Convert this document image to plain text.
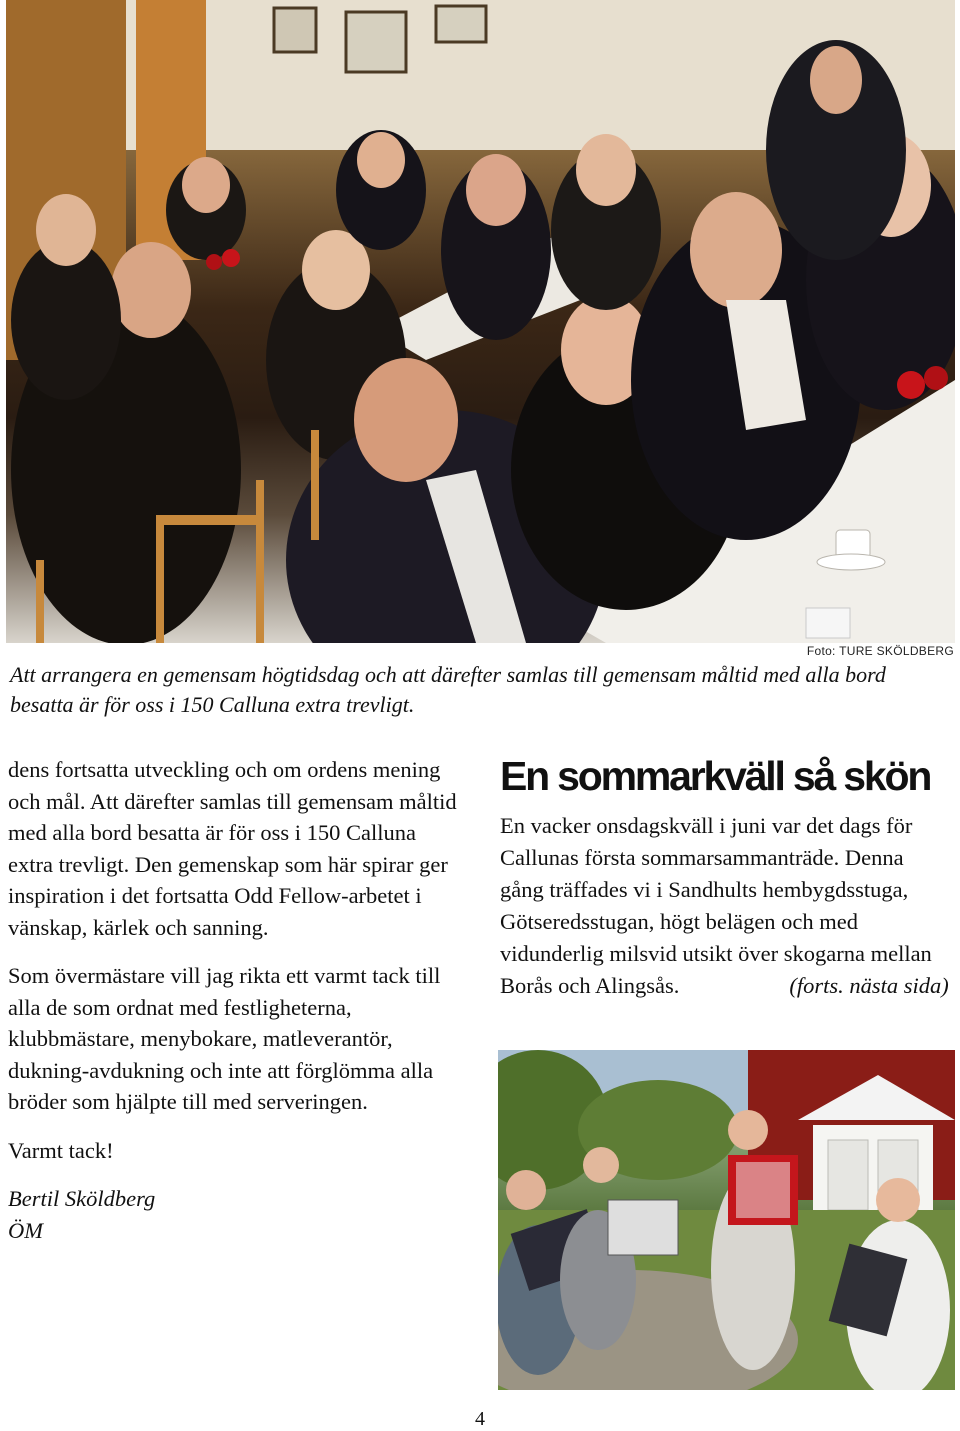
Foto: TURE SKÖLDBERG
Att arrangera en gemensam högtidsdag och att därefter samlas till gemensam måltid med alla bord besatta är för oss i 150 Calluna extra trevligt.

dens fortsatta utveckling och om ordens mening och mål. Att därefter samlas till gemensam måltid med alla bord besatta är för oss i 150 Calluna extra trevligt. Den gemenskap som här spirar ger inspiration i det fortsatta Odd Fellow-arbetet i vänskap, kärlek och sanning.

Som övermästare vill jag rikta ett varmt tack till alla de som ordnat med festligheterna, klubbmästare, menybokare, matleverantör, dukning-avdukning och inte att förglömma alla bröder som hjälpte till med serveringen.

Varmt tack!

Bertil Sköldberg

ÖM

En sommarkväll så skön

En vacker onsdagskväll i juni var det dags för Callunas första sommarsammanträde. Denna gång träffades vi i Sandhults hembygdsstuga, Götseredsstugan, högt belägen och med vidunderlig milsvid utsikt över skogarna mellan Borås och Alingsås.	(forts. nästa sida)

4
